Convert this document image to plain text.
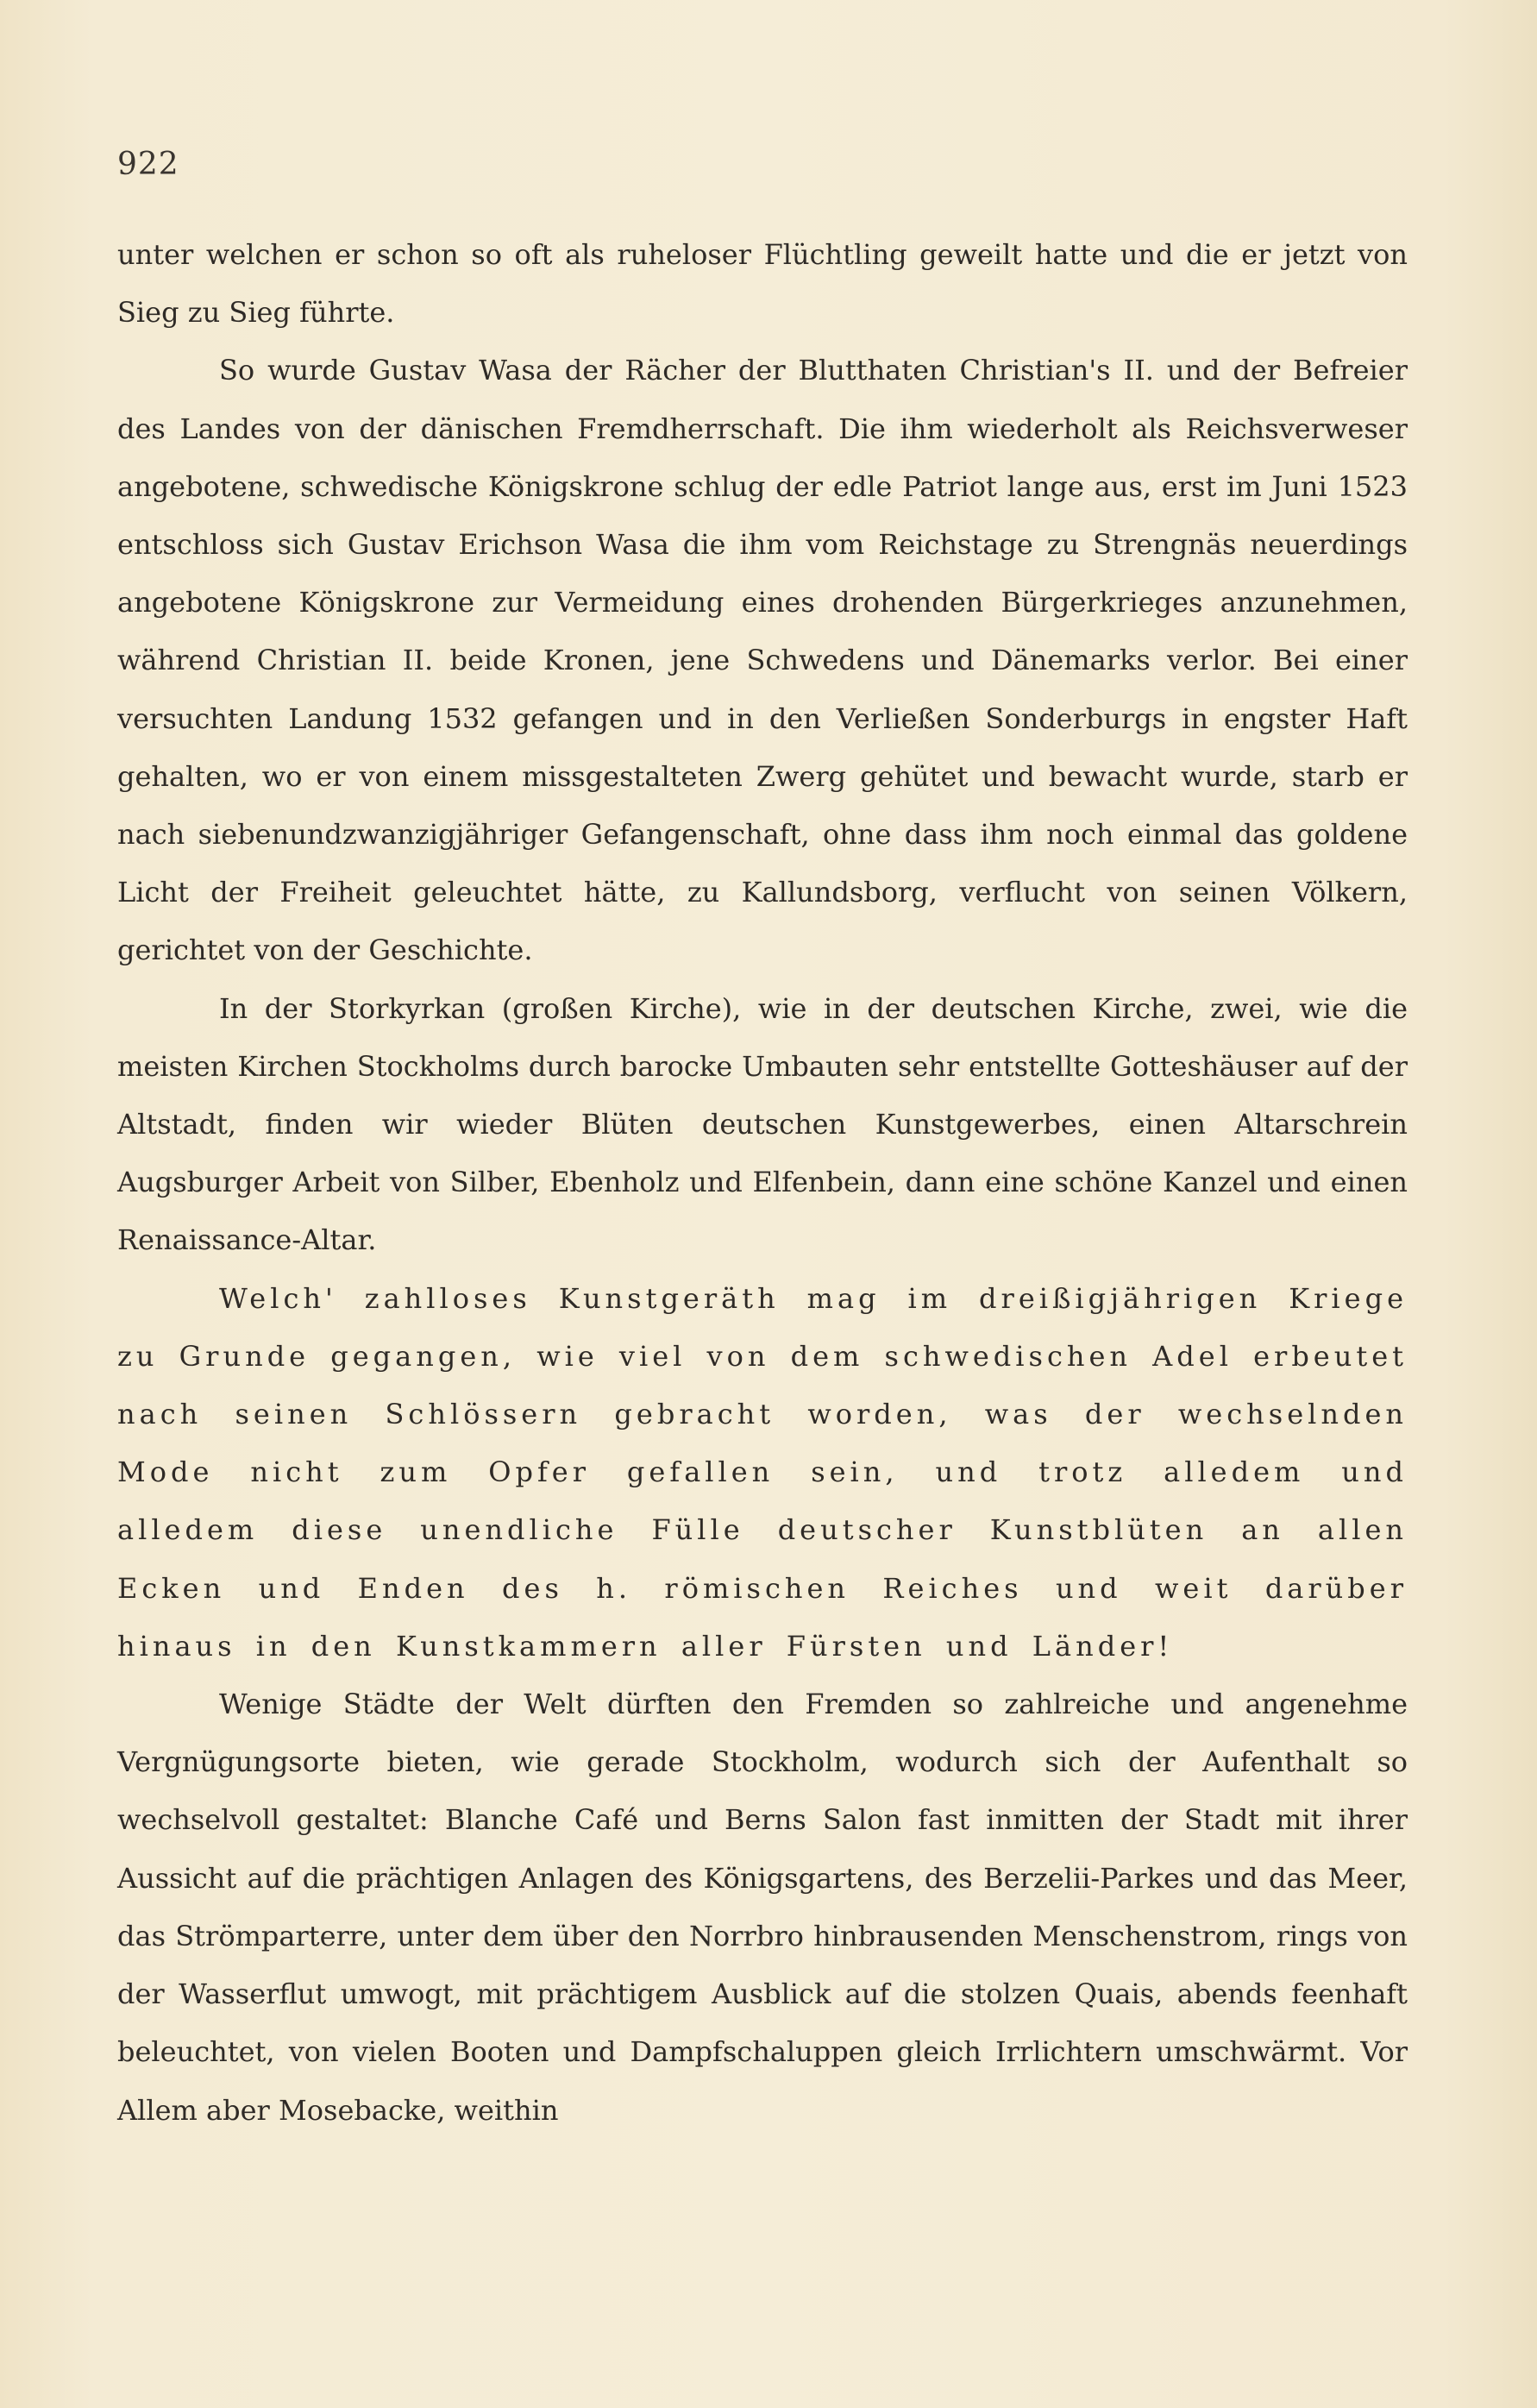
922

unter welchen er schon so oft als ruheloser Flüchtling geweilt hatte und die er jetzt von Sieg zu Sieg führte.

So wurde Gustav Wasa der Rächer der Blutthaten Christian's II. und der Befreier des Landes von der dänischen Fremdherrschaft. Die ihm wiederholt als Reichsverweser angebotene, schwedische Königskrone schlug der edle Patriot lange aus, erst im Juni 1523 entschloss sich Gustav Erichson Wasa die ihm vom Reichstage zu Strengnäs neuerdings angebotene Königskrone zur Vermeidung eines drohenden Bürgerkrieges anzunehmen, während Christian II. beide Kronen, jene Schwedens und Dänemarks verlor. Bei einer versuchten Landung 1532 gefangen und in den Verließen Sonderburgs in engster Haft gehalten, wo er von einem missgestalteten Zwerg gehütet und bewacht wurde, starb er nach siebenundzwanzigjähriger Gefangenschaft, ohne dass ihm noch einmal das goldene Licht der Freiheit geleuchtet hätte, zu Kallundsborg, verflucht von seinen Völkern, gerichtet von der Geschichte.

In der Storkyrkan (großen Kirche), wie in der deutschen Kirche, zwei, wie die meisten Kirchen Stockholms durch barocke Umbauten sehr entstellte Gotteshäuser auf der Altstadt, finden wir wieder Blüten deutschen Kunstgewerbes, einen Altarschrein Augsburger Arbeit von Silber, Ebenholz und Elfenbein, dann eine schöne Kanzel und einen Renaissance-Altar.

Welch' zahlloses Kunstgeräth mag im dreißigjährigen Kriege zu Grunde gegangen, wie viel von dem schwedischen Adel erbeutet nach seinen Schlössern gebracht worden, was der wechselnden Mode nicht zum Opfer gefallen sein, und trotz alledem und alledem diese unendliche Fülle deutscher Kunstblüten an allen Ecken und Enden des h. römischen Reiches und weit darüber hinaus in den Kunstkammern aller Fürsten und Länder!

Wenige Städte der Welt dürften den Fremden so zahlreiche und angenehme Vergnügungsorte bieten, wie gerade Stockholm, wodurch sich der Aufenthalt so wechselvoll gestaltet: Blanche Café und Berns Salon fast inmitten der Stadt mit ihrer Aussicht auf die prächtigen Anlagen des Königsgartens, des Berzelii-Parkes und das Meer, das Strömparterre, unter dem über den Norrbro hinbrausenden Menschenstrom, rings von der Wasserflut umwogt, mit prächtigem Ausblick auf die stolzen Quais, abends feenhaft beleuchtet, von vielen Booten und Dampfschaluppen gleich Irrlichtern umschwärmt. Vor Allem aber Mosebacke, weithin
